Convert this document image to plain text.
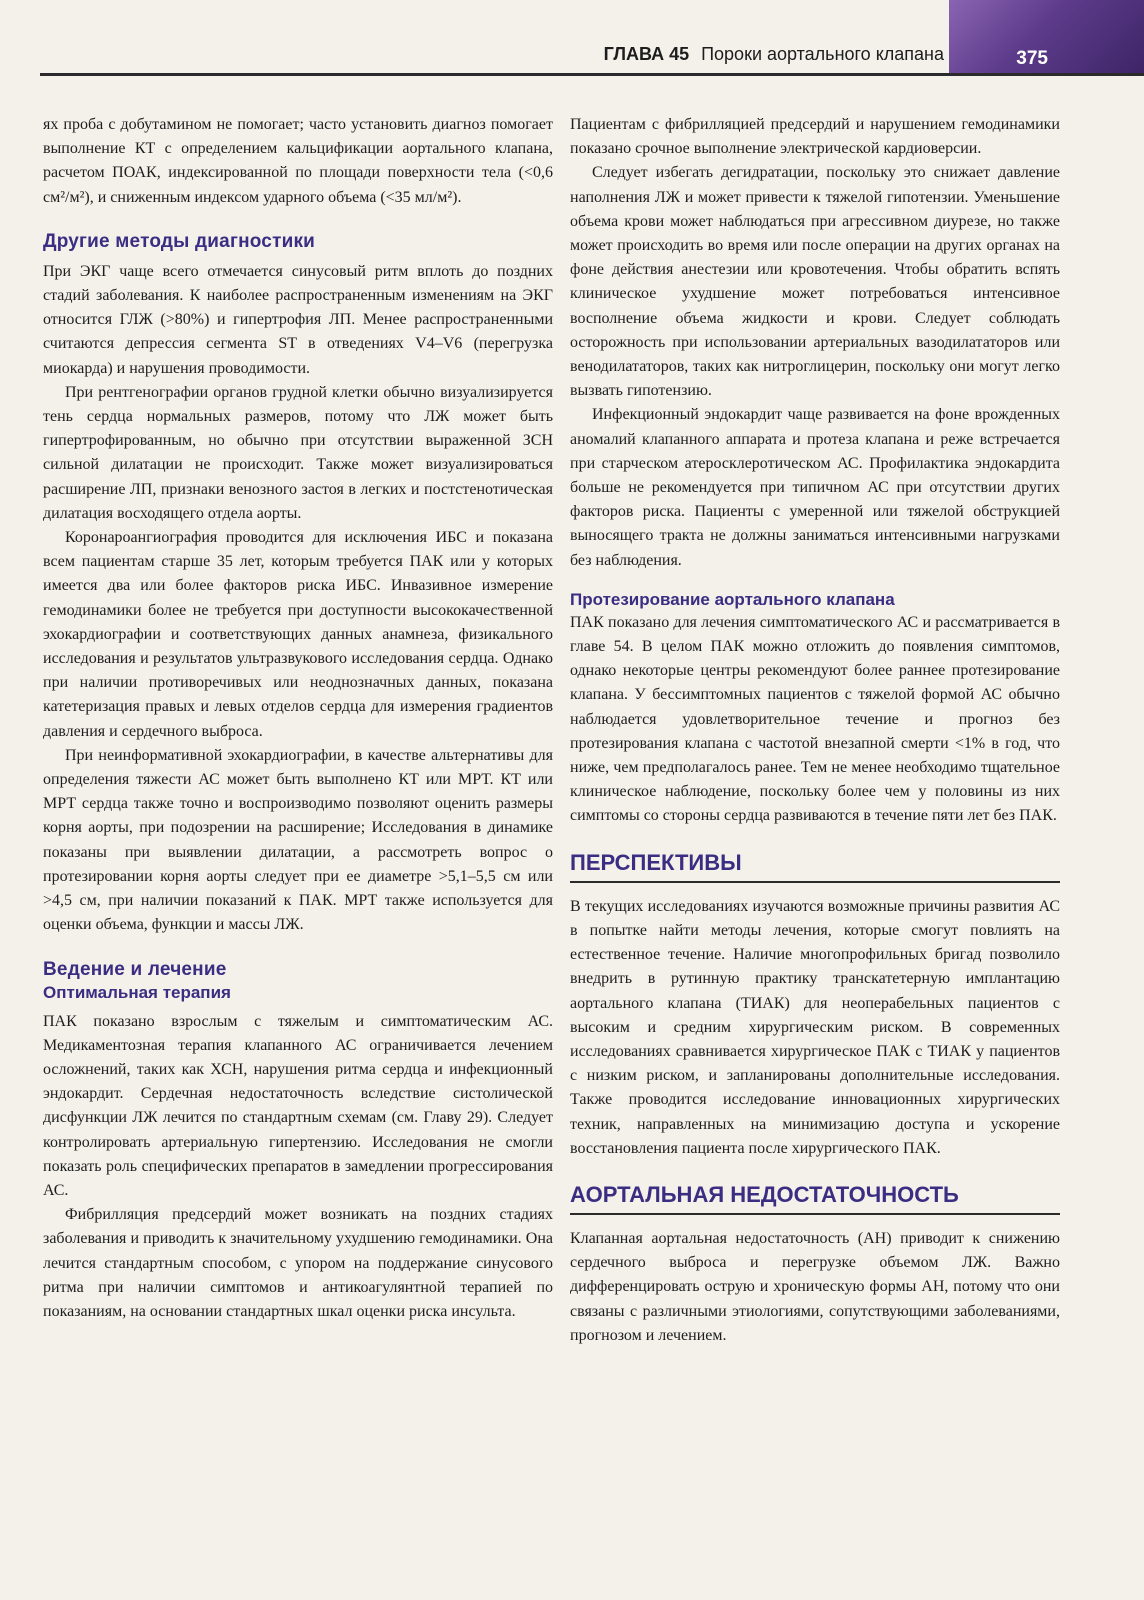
375
ГЛАВА 45 Пороки аортального клапана

ях проба с добутамином не помогает; часто установить диагноз помогает выполнение КТ с определением кальцификации аортального клапана, расчетом ПОАК, индексированной по площади поверхности тела (<0,6 см²/м²), и сниженным индексом ударного объема (<35 мл/м²).

Другие методы диагностики

При ЭКГ чаще всего отмечается синусовый ритм вплоть до поздних стадий заболевания. К наиболее распространенным изменениям на ЭКГ относится ГЛЖ (>80%) и гипертрофия ЛП. Менее распространенными считаются депрессия сегмента ST в отведениях V4–V6 (перегрузка миокарда) и нарушения проводимости.

При рентгенографии органов грудной клетки обычно визуализируется тень сердца нормальных размеров, потому что ЛЖ может быть гипертрофированным, но обычно при отсутствии выраженной ЗСН сильной дилатации не происходит. Также может визуализироваться расширение ЛП, признаки венозного застоя в легких и постстенотическая дилатация восходящего отдела аорты.

Коронароангиография проводится для исключения ИБС и показана всем пациентам старше 35 лет, которым требуется ПАК или у которых имеется два или более факторов риска ИБС. Инвазивное измерение гемодинамики более не требуется при доступности высококачественной эхокардиографии и соответствующих данных анамнеза, физикального исследования и результатов ультразвукового исследования сердца. Однако при наличии противоречивых или неоднозначных данных, показана катетеризация правых и левых отделов сердца для измерения градиентов давления и сердечного выброса.

При неинформативной эхокардиографии, в качестве альтернативы для определения тяжести АС может быть выполнено КТ или МРТ. КТ или МРТ сердца также точно и воспроизводимо позволяют оценить размеры корня аорты, при подозрении на расширение; Исследования в динамике показаны при выявлении дилатации, а рассмотреть вопрос о протезировании корня аорты следует при ее диаметре >5,1–5,5 см или >4,5 см, при наличии показаний к ПАК. МРТ также используется для оценки объема, функции и массы ЛЖ.

Ведение и лечение
Оптимальная терапия

ПАК показано взрослым с тяжелым и симптоматическим АС. Медикаментозная терапия клапанного АС ограничивается лечением осложнений, таких как ХСН, нарушения ритма сердца и инфекционный эндокардит. Сердечная недостаточность вследствие систолической дисфункции ЛЖ лечится по стандартным схемам (см. Главу 29). Следует контролировать артериальную гипертензию. Исследования не смогли показать роль специфических препаратов в замедлении прогрессирования АС.

Фибрилляция предсердий может возникать на поздних стадиях заболевания и приводить к значительному ухудшению гемодинамики. Она лечится стандартным способом, с упором на поддержание синусового ритма при наличии симптомов и антикоагулянтной терапией по показаниям, на основании стандартных шкал оценки риска инсульта.

Пациентам с фибрилляцией предсердий и нарушением гемодинамики показано срочное выполнение электрической кардиоверсии.

Следует избегать дегидратации, поскольку это снижает давление наполнения ЛЖ и может привести к тяжелой гипотензии. Уменьшение объема крови может наблюдаться при агрессивном диурезе, но также может происходить во время или после операции на других органах на фоне действия анестезии или кровотечения. Чтобы обратить вспять клиническое ухудшение может потребоваться интенсивное восполнение объема жидкости и крови. Следует соблюдать осторожность при использовании артериальных вазодилататоров или венодилататоров, таких как нитроглицерин, поскольку они могут легко вызвать гипотензию.

Инфекционный эндокардит чаще развивается на фоне врожденных аномалий клапанного аппарата и протеза клапана и реже встречается при старческом атеросклеротическом АС. Профилактика эндокардита больше не рекомендуется при типичном АС при отсутствии других факторов риска. Пациенты с умеренной или тяжелой обструкцией выносящего тракта не должны заниматься интенсивными нагрузками без наблюдения.

Протезирование аортального клапана

ПАК показано для лечения симптоматического АС и рассматривается в главе 54. В целом ПАК можно отложить до появления симптомов, однако некоторые центры рекомендуют более раннее протезирование клапана. У бессимптомных пациентов с тяжелой формой АС обычно наблюдается удовлетворительное течение и прогноз без протезирования клапана с частотой внезапной смерти <1% в год, что ниже, чем предполагалось ранее. Тем не менее необходимо тщательное клиническое наблюдение, поскольку более чем у половины из них симптомы со стороны сердца развиваются в течение пяти лет без ПАК.

ПЕРСПЕКТИВЫ

В текущих исследованиях изучаются возможные причины развития АС в попытке найти методы лечения, которые смогут повлиять на естественное течение. Наличие многопрофильных бригад позволило внедрить в рутинную практику транскатетерную имплантацию аортального клапана (ТИАК) для неоперабельных пациентов с высоким и средним хирургическим риском. В современных исследованиях сравнивается хирургическое ПАК с ТИАК у пациентов с низким риском, и запланированы дополнительные исследования. Также проводится исследование инновационных хирургических техник, направленных на минимизацию доступа и ускорение восстановления пациента после хирургического ПАК.

АОРТАЛЬНАЯ НЕДОСТАТОЧНОСТЬ

Клапанная аортальная недостаточность (АН) приводит к снижению сердечного выброса и перегрузке объемом ЛЖ. Важно дифференцировать острую и хроническую формы АН, потому что они связаны с различными этиологиями, сопутствующими заболеваниями, прогнозом и лечением.
